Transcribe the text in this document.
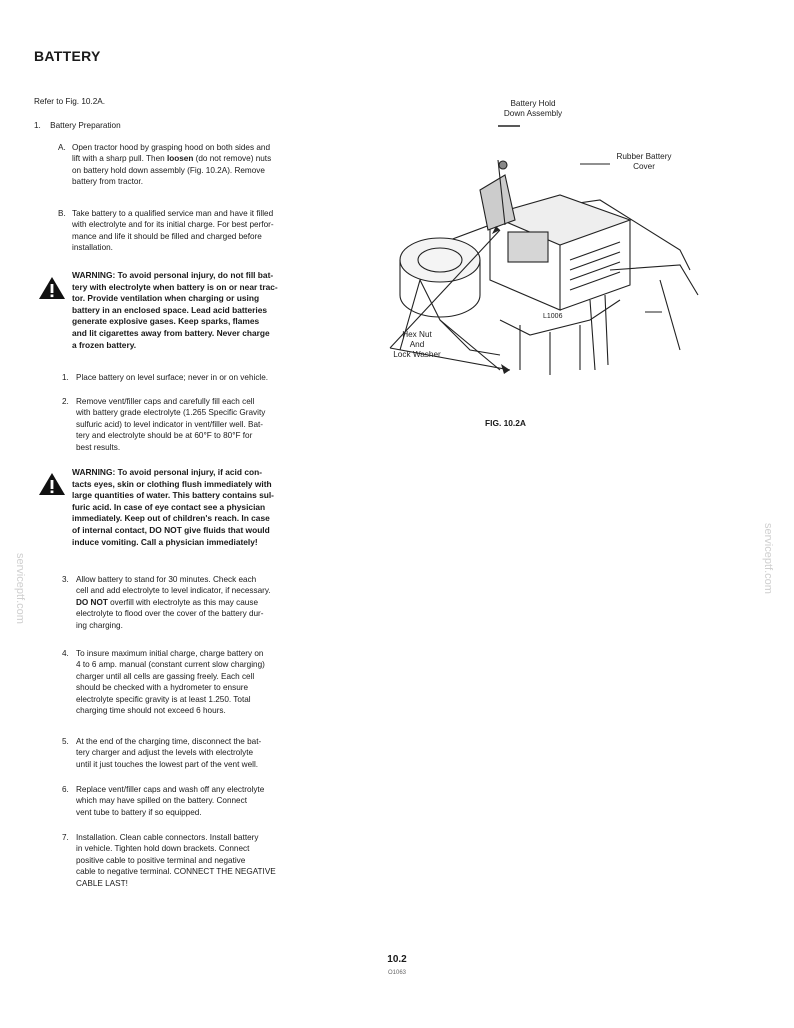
BATTERY
Refer to Fig. 10.2A.
1. Battery Preparation
A. Open tractor hood by grasping hood on both sides and
lift with a sharp pull. Then loosen (do not remove) nuts
on battery hold down assembly (Fig. 10.2A). Remove
battery from tractor.
B. Take battery to a qualified service man and have it filled
with electrolyte and for its initial charge. For best perfor-
mance and life it should be filled and charged before
installation.
WARNING: To avoid personal injury, do not fill bat-
tery with electrolyte when battery is on or near trac-
tor. Provide ventilation when charging or using
battery in an enclosed space. Lead acid batteries
generate explosive gases. Keep sparks, flames
and lit cigarettes away from battery. Never charge
a frozen battery.
1. Place battery on level surface; never in or on vehicle.
2. Remove vent/filler caps and carefully fill each cell
with battery grade electrolyte (1.265 Specific Gravity
sulfuric acid) to level indicator in vent/filler well. Bat-
tery and electrolyte should be at 60°F to 80°F for
best results.
WARNING: To avoid personal injury, if acid con-
tacts eyes, skin or clothing flush immediately with
large quantities of water. This battery contains sul-
furic acid. In case of eye contact see a physician
immediately. Keep out of children's reach. In case
of internal contact, DO NOT give fluids that would
induce vomiting. Call a physician immediately!
3. Allow battery to stand for 30 minutes. Check each
cell and add electrolyte to level indicator, if necessary.
DO NOT overfill with electrolyte as this may cause
electrolyte to flood over the cover of the battery dur-
ing charging.
4. To insure maximum initial charge, charge battery on
4 to 6 amp. manual (constant current slow charging)
charger until all cells are gassing freely. Each cell
should be checked with a hydrometer to ensure
electrolyte specific gravity is at least 1.250. Total
charging time should not exceed 6 hours.
5. At the end of the charging time, disconnect the bat-
tery charger and adjust the levels with electrolyte
until it just touches the lowest part of the vent well.
6. Replace vent/filler caps and wash off any electrolyte
which may have spilled on the battery. Connect
vent tube to battery if so equipped.
7. Installation. Clean cable connectors. Install battery
in vehicle. Tighten hold down brackets. Connect
positive cable to positive terminal and negative
cable to negative terminal. CONNECT THE NEGATIVE
CABLE LAST!
Battery Hold
Down Assembly
Rubber Battery
Cover
Hex Nut
And
Lock Washer
L1006
FIG. 10.2A
serviceptf.com	serviceptf.com
10.2
O1063
